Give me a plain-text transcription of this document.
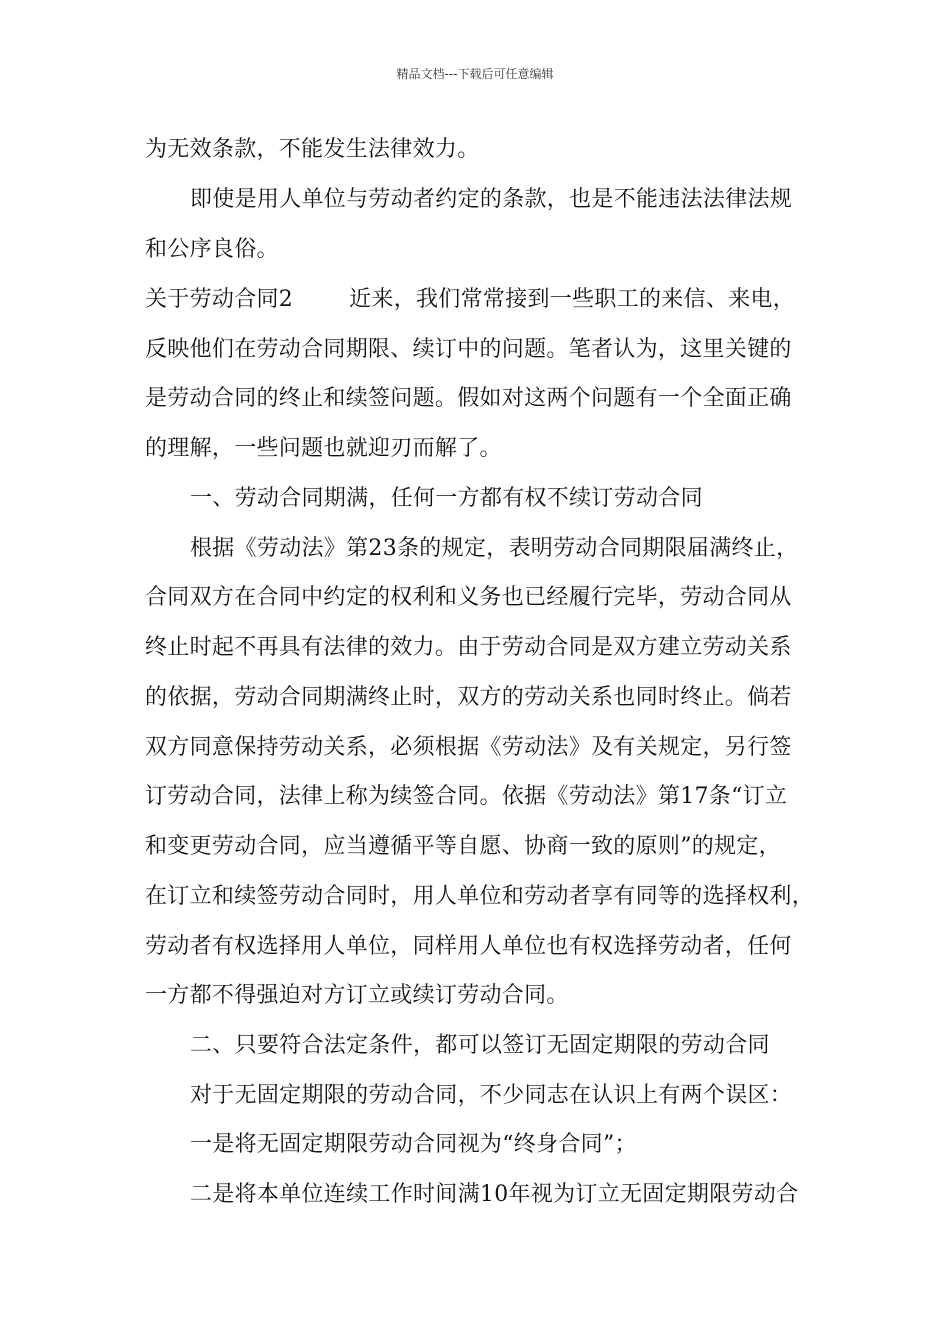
精品文档---下载后可任意编辑
为无效条款，不能发生法律效力。
即使是用人单位与劳动者约定的条款，也是不能违法法律法规
和公序良俗。
关于劳动合同2	近来，我们常常接到一些职工的来信、来电，
反映他们在劳动合同期限、续订中的问题。笔者认为，这里关键的
是劳动合同的终止和续签问题。假如对这两个问题有一个全面正确
的理解，一些问题也就迎刃而解了。
一、劳动合同期满，任何一方都有权不续订劳动合同
根据《劳动法》第23条的规定，表明劳动合同期限届满终止，
合同双方在合同中约定的权利和义务也已经履行完毕，劳动合同从
终止时起不再具有法律的效力。由于劳动合同是双方建立劳动关系
的依据，劳动合同期满终止时，双方的劳动关系也同时终止。倘若
双方同意保持劳动关系，必须根据《劳动法》及有关规定，另行签
订劳动合同，法律上称为续签合同。依据《劳动法》第17条“订立
和变更劳动合同，应当遵循平等自愿、协商一致的原则”的规定，
在订立和续签劳动合同时，用人单位和劳动者享有同等的选择权利，
劳动者有权选择用人单位，同样用人单位也有权选择劳动者，任何
一方都不得强迫对方订立或续订劳动合同。
二、只要符合法定条件，都可以签订无固定期限的劳动合同
对于无固定期限的劳动合同，不少同志在认识上有两个误区：
一是将无固定期限劳动合同视为“终身合同”；
二是将本单位连续工作时间满10年视为订立无固定期限劳动合
